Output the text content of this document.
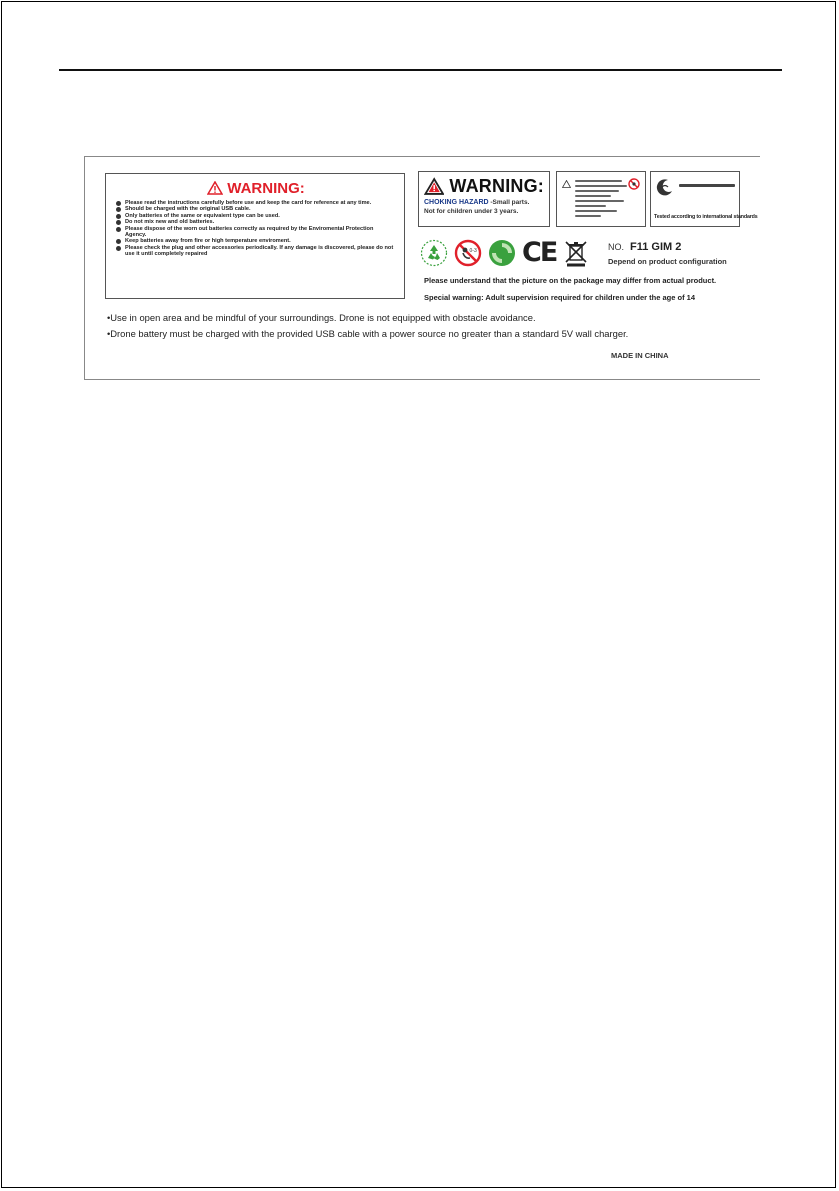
WARNING:
Please read the instructions carefully before use and keep the card for reference at any time.
Should be charged with the original USB cable.
Only batteries of the same or equivaient type can be used.
Do not mix new and old batteries.
Please dispose of the worn out batteries correctly as required by the Enviromental Protection Agency.
Keep batteries away from fire or high temperature enviroment.
Please check the plug and other accessories periodically. If any damage is discovered, please do not use it until completely repaired
WARNING:
CHOKING HAZARD -Small parts.
Not for children under 3 years.
Tested according to international standards
0-3 CE	NO. F11 GIM 2
Depend on product configuration
Please understand that the picture on the package may differ from actual product.
Special warning: Adult supervision required for children under the age of 14
•Use in open area and be mindful of your surroundings. Drone is not equipped with obstacle avoidance.
•Drone battery must be charged with the provided USB cable with a power source no greater than a standard 5V wall charger.
MADE IN CHINA
